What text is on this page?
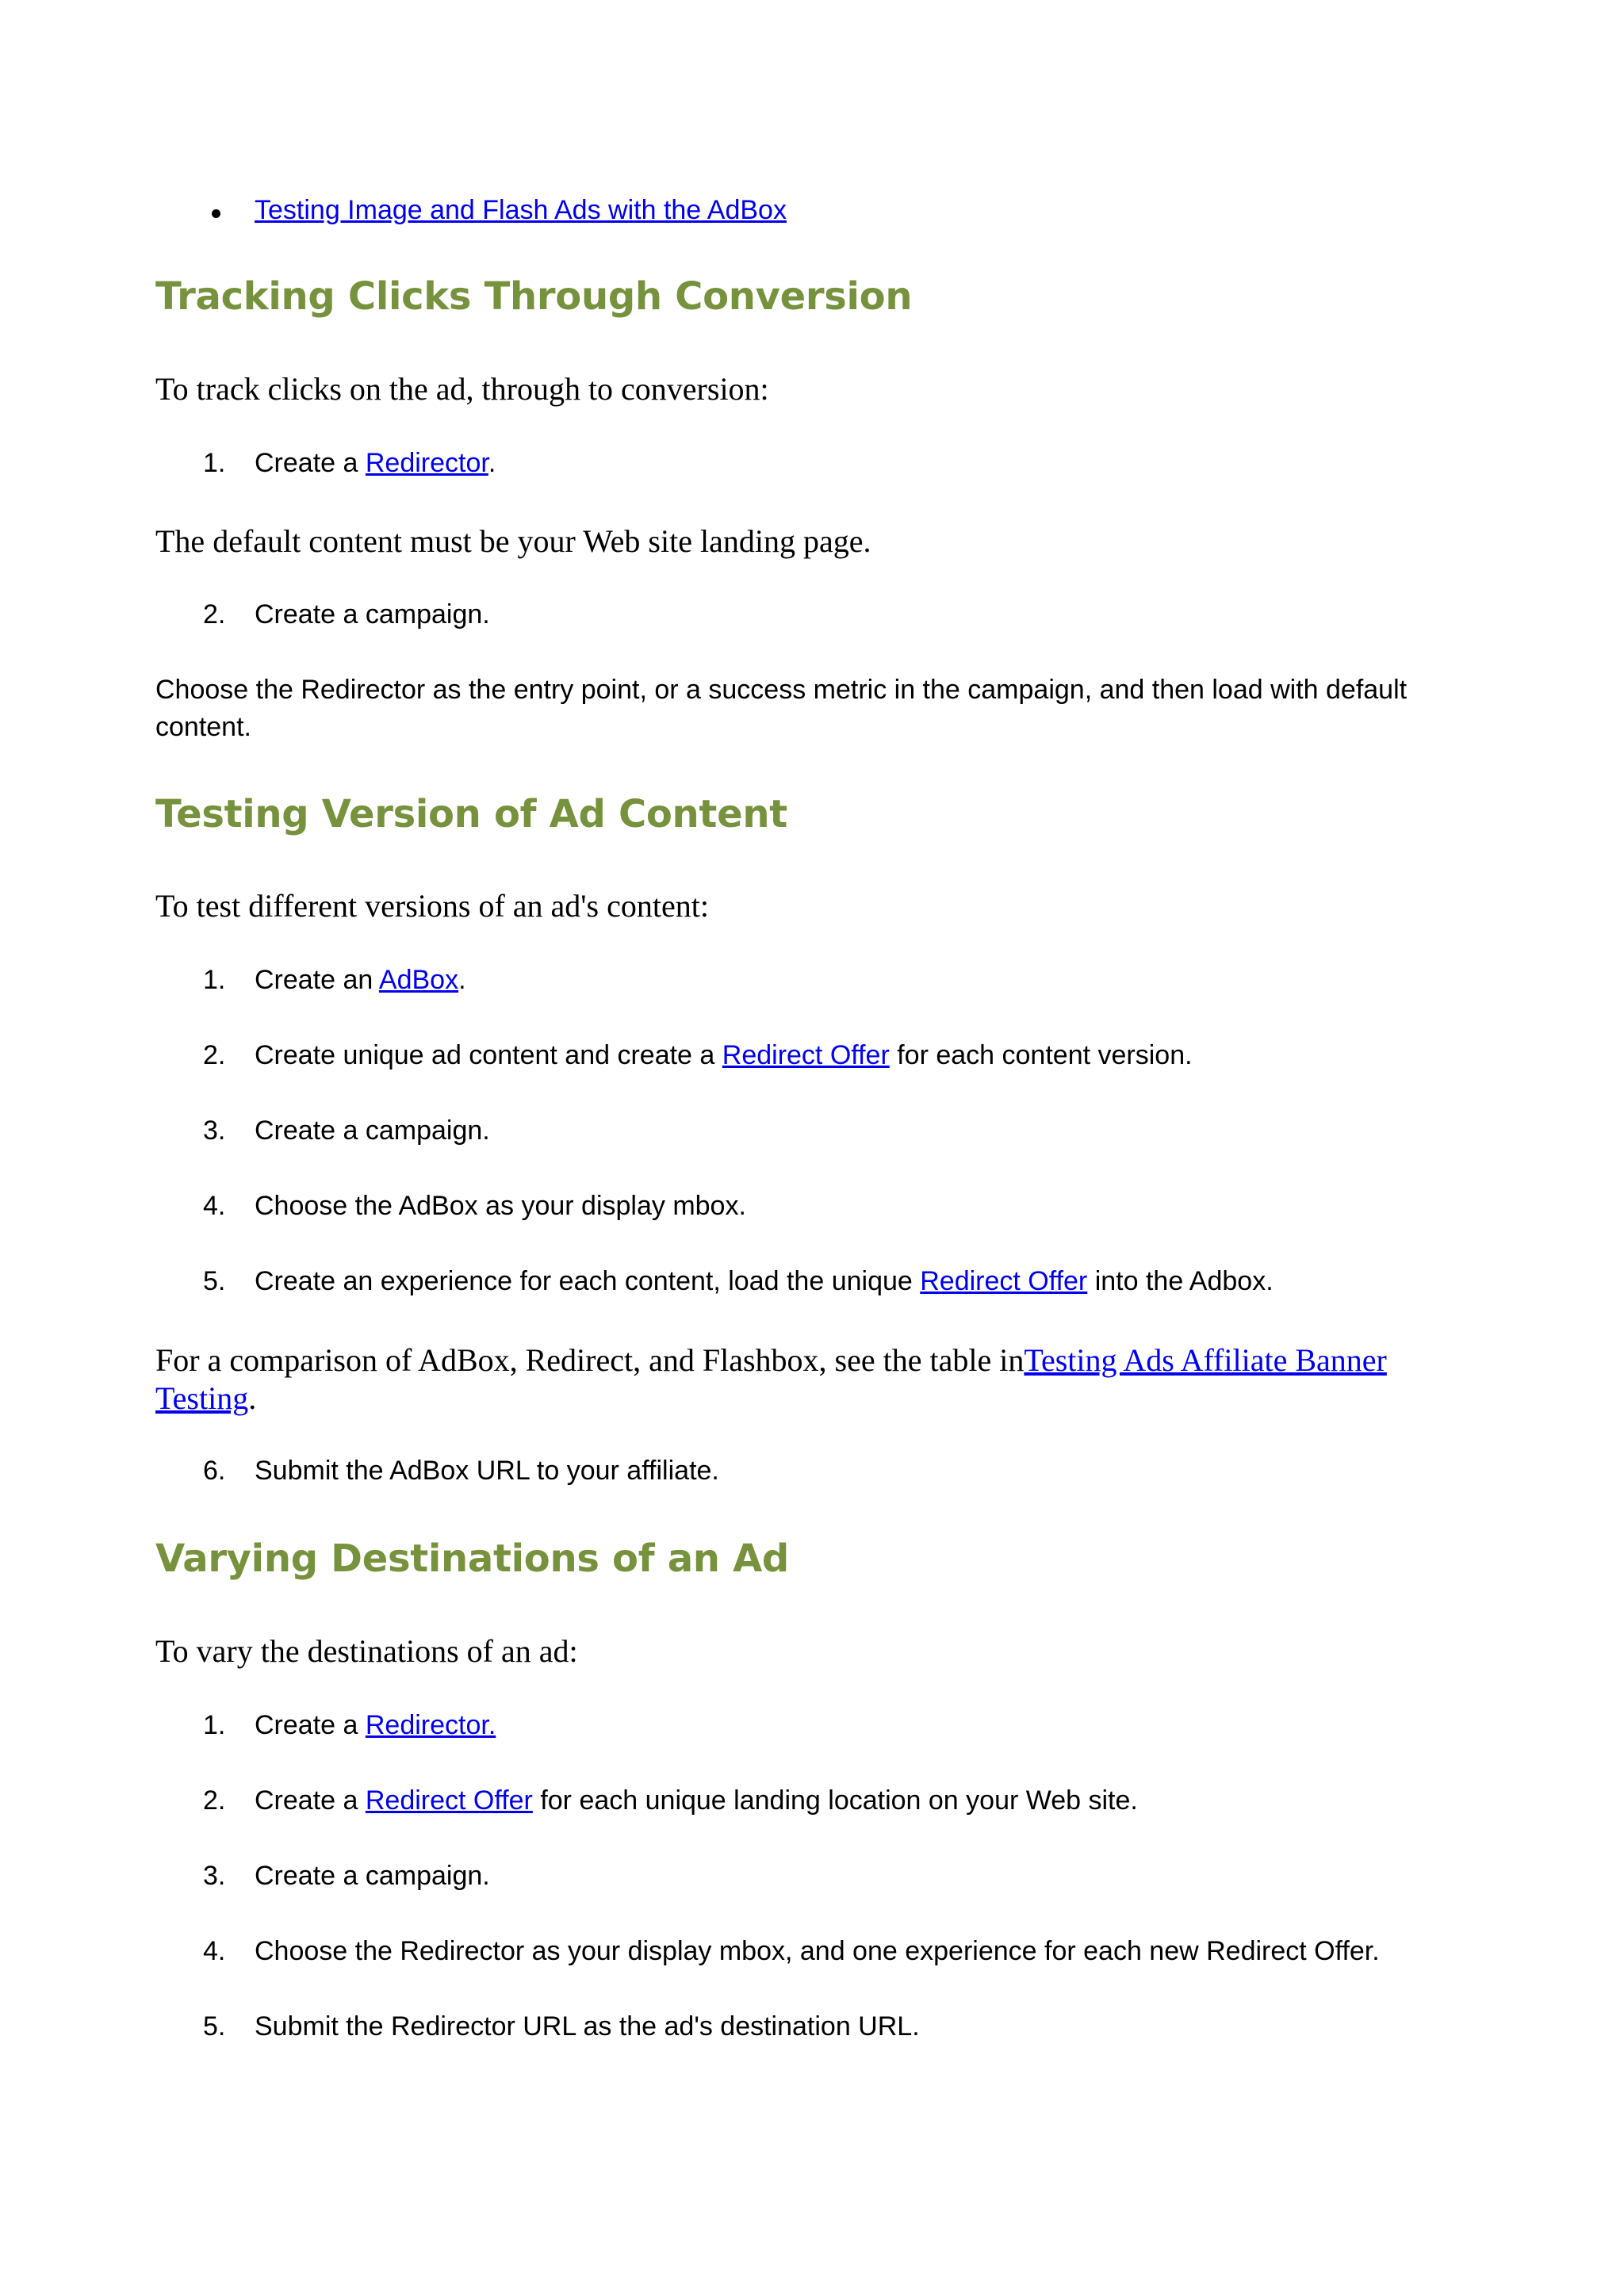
Testing Image and Flash Ads with the AdBox
Tracking Clicks Through Conversion
To track clicks on the ad, through to conversion:
1. Create a Redirector.
The default content must be your Web site landing page.
2. Create a campaign.
Choose the Redirector as the entry point, or a success metric in the campaign, and then load with default
content.
Testing Version of Ad Content
To test different versions of an ad's content:
1. Create an AdBox.
2. Create unique ad content and create a Redirect Offer for each content version.
3. Create a campaign.
4. Choose the AdBox as your display mbox.
5. Create an experience for each content, load the unique Redirect Offer into the Adbox.
For a comparison of AdBox, Redirect, and Flashbox, see the table inTesting Ads Affiliate Banner
Testing.
6. Submit the AdBox URL to your affiliate.
Varying Destinations of an Ad
To vary the destinations of an ad:
1. Create a Redirector.
2. Create a Redirect Offer for each unique landing location on your Web site.
3. Create a campaign.
4. Choose the Redirector as your display mbox, and one experience for each new Redirect Offer.
5. Submit the Redirector URL as the ad's destination URL.
